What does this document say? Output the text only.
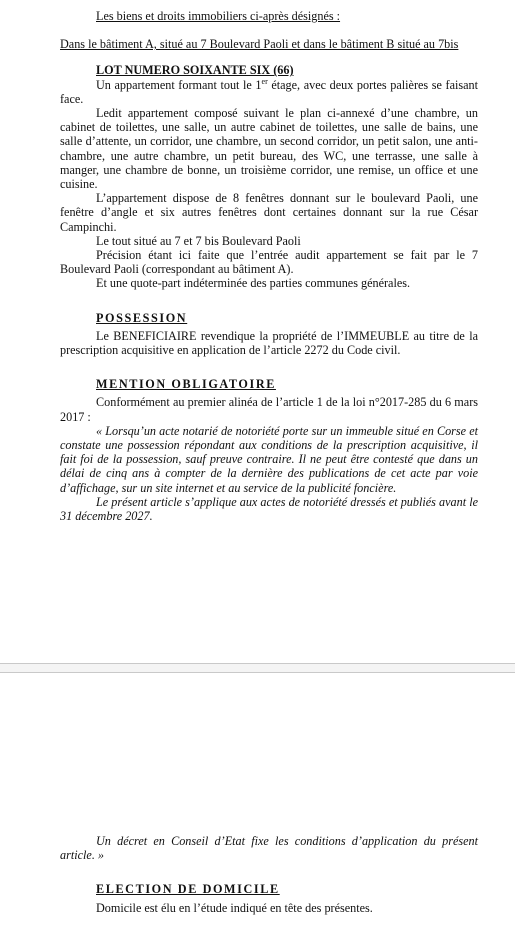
Les biens et droits immobiliers ci-après désignés :

Dans le bâtiment A, situé au 7 Boulevard Paoli et dans le bâtiment B situé au 7bis

LOT NUMERO SOIXANTE SIX (66)

Un appartement formant tout le 1er étage, avec deux portes palières se faisant face.

Ledit appartement composé suivant le plan ci-annexé d’une chambre, un cabinet de toilettes, une salle, un autre cabinet de toilettes, une salle de bains, une salle d’attente, un corridor, une chambre, un second corridor, un petit salon, une anti-chambre, une autre chambre, un petit bureau, des WC, une terrasse, une salle à manger, une chambre de bonne, un troisième corridor, une remise, un office et une cuisine.

L’appartement dispose de 8 fenêtres donnant sur le boulevard Paoli, une fenêtre d’angle et six autres fenêtres dont certaines donnant sur la rue César Campinchi.

Le tout situé au 7 et 7 bis Boulevard Paoli

Précision étant ici faite que l’entrée audit appartement se fait par le 7 Boulevard Paoli (correspondant au bâtiment A).

Et une quote-part indéterminée des parties communes générales.

POSSESSION

Le BENEFICIAIRE revendique la propriété de l’IMMEUBLE au titre de la prescription acquisitive en application de l’article 2272 du Code civil.

MENTION OBLIGATOIRE

Conformément au premier alinéa de l’article 1 de la loi n°2017-285 du 6 mars 2017 :

« Lorsqu’un acte notarié de notoriété porte sur un immeuble situé en Corse et constate une possession répondant aux conditions de la prescription acquisitive, il fait foi de la possession, sauf preuve contraire. Il ne peut être contesté que dans un délai de cinq ans à compter de la dernière des publications de cet acte par voie d’affichage, sur un site internet et au service de la publicité foncière.

Le présent article s’applique aux actes de notoriété dressés et publiés avant le 31 décembre 2027.

Un décret en Conseil d’Etat fixe les conditions d’application du présent article. »

ELECTION DE DOMICILE

Domicile est élu en l’étude indiqué en tête des présentes.
